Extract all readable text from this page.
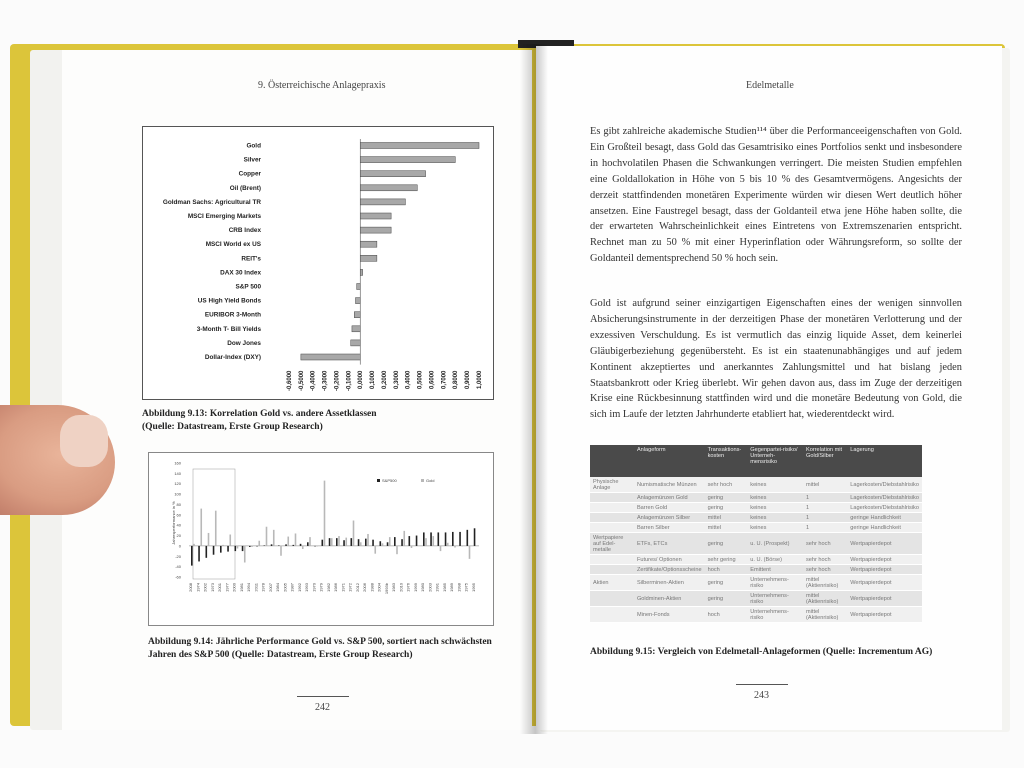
9. Österreichische Anlagepraxis
Gold
Silver
Copper
Oil (Brent)
Goldman Sachs: Agricultural TR
MSCI Emerging Markets
CRB Index
MSCI World ex US
REIT's
DAX 30 Index
S&P 500
US High Yield Bonds
EURIBOR 3-Month
3-Month T- Bill Yields
Dow Jones
Dollar-Index (DXY)
-0,6000 -0,5000 -0,4000 -0,3000 -0,2000 -0,1000 0,0000 0,1000 0,2000 0,3000 0,4000 0,5000 0,6000 0,7000 0,8000 0,9000 1,0000
Abbildung 9.13: Korrelation Gold vs. andere Assetklassen
(Quelle: Datastream, Erste Group Research)
160
140
120
100
80
60
40
20
0
-20
-40
-60
Jahresperformance in %
2008 1974 2002 1973 2001 1977 2000 1981 1994 2011 1978 2007 1984 2005 1987 1992 1993 1970 1979 1982 1986 1971 1972 2012 2006 1988 2004 1993b 1983 2010 1976 1999 1980 2003 1991 1985 1989 1998 1975 1995
S&P500	Gold
Abbildung 9.14: Jährliche Performance Gold vs. S&P 500, sortiert nach schwächsten
Jahren des S&P 500 (Quelle: Datastream, Erste Group Research)
242
Edelmetalle

Es gibt zahlreiche akademische Studien¹¹⁴ über die Performanceeigenschaften von Gold. Ein Großteil besagt, dass Gold das Gesamtrisiko eines Portfolios senkt und insbesondere in hochvolatilen Phasen die Schwankungen verringert. Die meisten Studien empfehlen eine Goldallokation in Höhe von 5 bis 10 % des Gesamtvermögens. Angesichts der derzeit stattfindenden monetären Experimente würden wir diesen Wert deutlich höher ansetzen. Eine Faustregel besagt, dass der Goldanteil etwa jene Höhe haben sollte, die der erwarteten Wahrscheinlichkeit eines Eintretens von Extremszenarien entspricht. Rechnet man zu 50 % mit einer Hyperinflation oder Währungsreform, so sollte der Goldanteil dementsprechend 50 % hoch sein.

Gold ist aufgrund seiner einzigartigen Eigenschaften eines der wenigen sinnvollen Absicherungsinstrumente in der derzeitigen Phase der monetären Verlotterung und der exzessiven Verschuldung. Es ist vermutlich das einzig liquide Asset, dem keinerlei Gläubigerbeziehung gegenübersteht. Es ist ein staatenunabhängiges und auf jedem Kontinent akzeptiertes und anerkanntes Zahlungsmittel und hat bislang jeden Staatsbankrott oder Krieg überlebt. Wir gehen davon aus, dass im Zuge der derzeitigen Krise eine Rückbesinnung stattfinden wird und die monetäre Bedeutung von Gold, die sich im Laufe der letzten Jahrhunderte etabliert hat, wiederentdeckt wird.

	Anlageform	Transaktions-kosten	Gegenpartei-risiko/ Unterneh-mensrisiko	Korrelation mit Gold/Silber	Lagerung
Physische Anlage	Numismatische Münzen	sehr hoch	keines	mittel	Lagerkosten/Diebstahlrisiko
	Anlagemünzen Gold	gering	keines	1	Lagerkosten/Diebstahlrisiko
	Barren Gold	gering	keines	1	Lagerkosten/Diebstahlrisiko
	Anlagemünzen Silber	mittel	keines	1	geringe Handlichkeit
	Barren Silber	mittel	keines	1	geringe Handlichkeit
Wertpapiere auf Edel-metalle	ETFs, ETCs	gering	u. U. (Prospekt)	sehr hoch	Wertpapierdepot
	Futures/ Optionen	sehr gering	u. U. (Börse)	sehr hoch	Wertpapierdepot
	Zertifikate/Optionsscheine	hoch	Emittent	sehr hoch	Wertpapierdepot
Aktien	Silberminen-Aktien	gering	Unternehmens-risiko	mittel (Aktienrisiko)	Wertpapierdepot
	Goldminen-Aktien	gering	Unternehmens-risiko	mittel (Aktienrisiko)	Wertpapierdepot
	Minen-Fonds	hoch	Unternehmens-risiko	mittel (Aktienrisiko)	Wertpapierdepot
Abbildung 9.15: Vergleich von Edelmetall-Anlageformen (Quelle: Incrementum AG)
243
